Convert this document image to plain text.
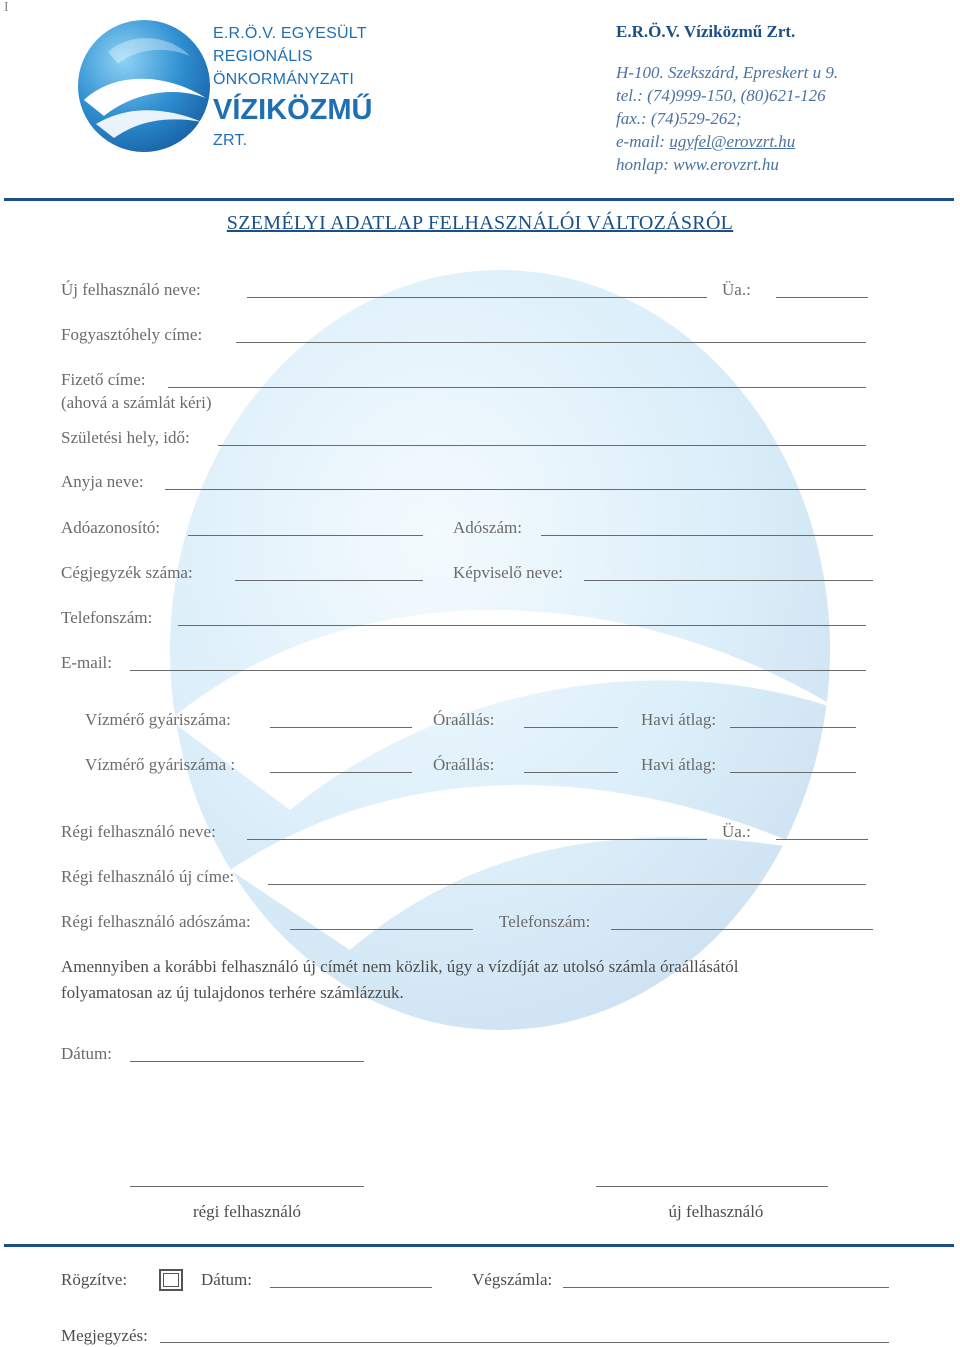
I
E.R.Ö.V. EGYESÜLT
REGIONÁLIS
ÖNKORMÁNYZATI
VÍZIKÖZMŰ
ZRT.
E.R.Ö.V. Víziközmű Zrt.
H-100. Szekszárd, Epreskert u 9.
tel.: (74)999-150, (80)621-126
fax.: (74)529-262;
e-mail: ugyfel@erovzrt.hu
honlap: www.erovzrt.hu
SZEMÉLYI ADATLAP FELHASZNÁLÓI VÁLTOZÁSRÓL
Új felhasználó neve:	Üa.:
Fogyasztóhely címe:
Fizető címe:
(ahová a számlát kéri)
Születési hely, idő:
Anyja neve:
Adóazonosító:	Adószám:
Cégjegyzék száma:	Képviselő neve:
Telefonszám:
E-mail:
Vízmérő gyáriszáma:	Óraállás:	Havi átlag:
Vízmérő gyáriszáma :	Óraállás:	Havi átlag:
Régi felhasználó neve:	Üa.:
Régi felhasználó új címe:
Régi felhasználó adószáma:	Telefonszám:
Amennyiben a korábbi felhasználó új címét nem közlik, úgy a vízdíját az utolsó számla óraállásától
folyamatosan az új tulajdonos terhére számlázzuk.
Dátum:
régi felhasználó	új felhasználó
Rögzítve:	Dátum:	Végszámla:
Megjegyzés:
